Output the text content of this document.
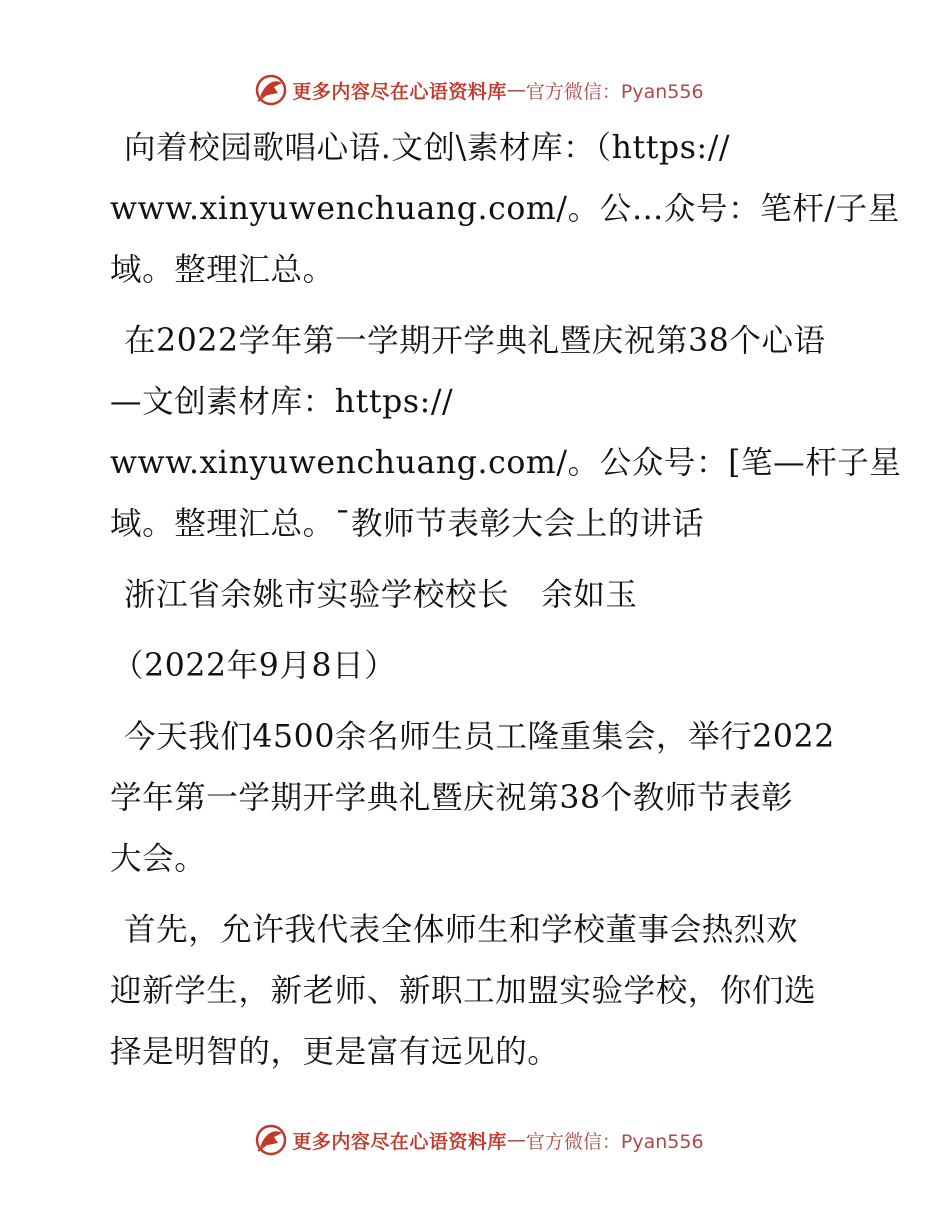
更多内容尽在心语资料库 — 官方微信：Pyan556
向着校园歌唱心语.文创\素材库：（https://
www.xinyuwenchuang.com/。公…众号：笔杆/子星
域。整理汇总。
在2022学年第一学期开学典礼暨庆祝第38个心语
—文创素材库：https://
www.xinyuwenchuang.com/。公众号：[笔—杆子星
域。整理汇总。¯教师节表彰大会上的讲话
浙江省余姚市实验学校校长　余如玉
（2022年9月8日）
今天我们4500余名师生员工隆重集会，举行2022
学年第一学期开学典礼暨庆祝第38个教师节表彰
大会。
首先，允许我代表全体师生和学校董事会热烈欢
迎新学生，新老师、新职工加盟实验学校，你们选
择是明智的，更是富有远见的。
更多内容尽在心语资料库 — 官方微信：Pyan556
